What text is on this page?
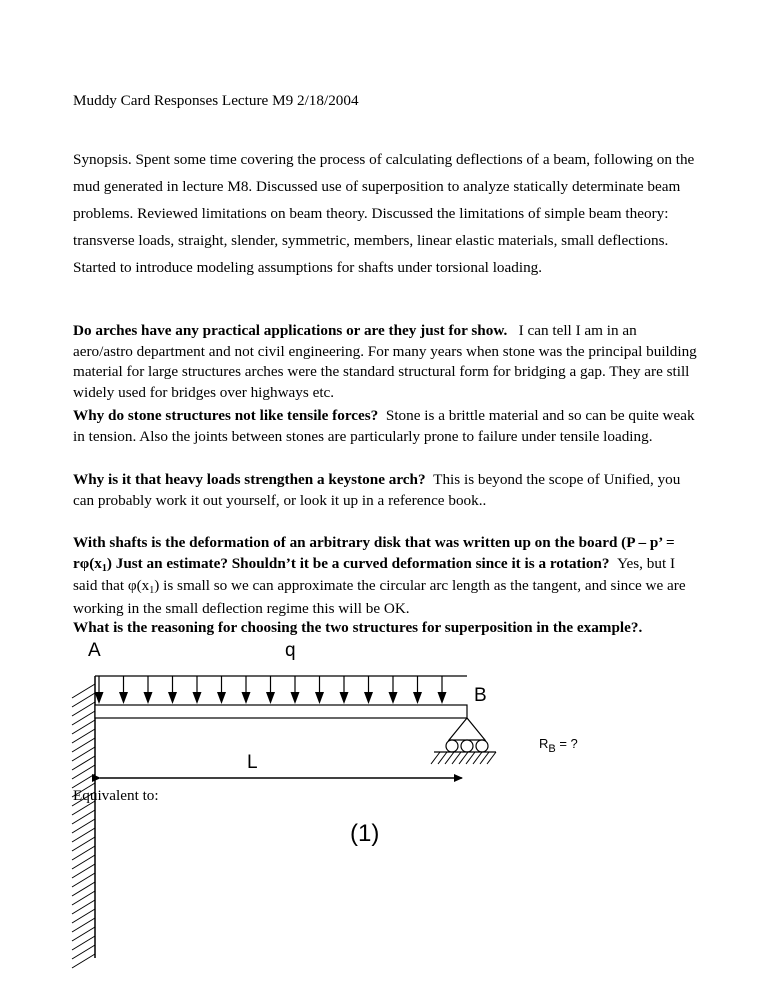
Muddy Card Responses Lecture M9 2/18/2004
Synopsis. Spent some time covering the process of calculating deflections of a beam, following on the mud generated in lecture M8. Discussed use of superposition to analyze statically determinate beam problems. Reviewed limitations on beam theory. Discussed the limitations of simple beam theory: transverse loads, straight, slender, symmetric, members, linear elastic materials, small deflections. Started to introduce modeling assumptions for shafts under torsional loading.
Do arches have any practical applications or are they just for show. I can tell I am in an aero/astro department and not civil engineering. For many years when stone was the principal building material for large structures arches were the standard structural form for bridging a gap. They are still widely used for bridges over highways etc.
Why do stone structures not like tensile forces? Stone is a brittle material and so can be quite weak in tension. Also the joints between stones are particularly prone to failure under tensile loading.
Why is it that heavy loads strengthen a keystone arch? This is beyond the scope of Unified, you can probably work it out yourself, or look it up in a reference book..
With shafts is the deformation of an arbitrary disk that was written up on the board (P – p’ = rφ(x1) Just an estimate? Shouldn’t it be a curved deformation since it is a rotation? Yes, but I said that φ(x1) is small so we can approximate the circular arc length as the tangent, and since we are working in the small deflection regime this will be OK.
What is the reasoning for choosing the two structures for superposition in the example?.
A	q
B
L
$R_B$ = ?
Equivalent to:
(1)
